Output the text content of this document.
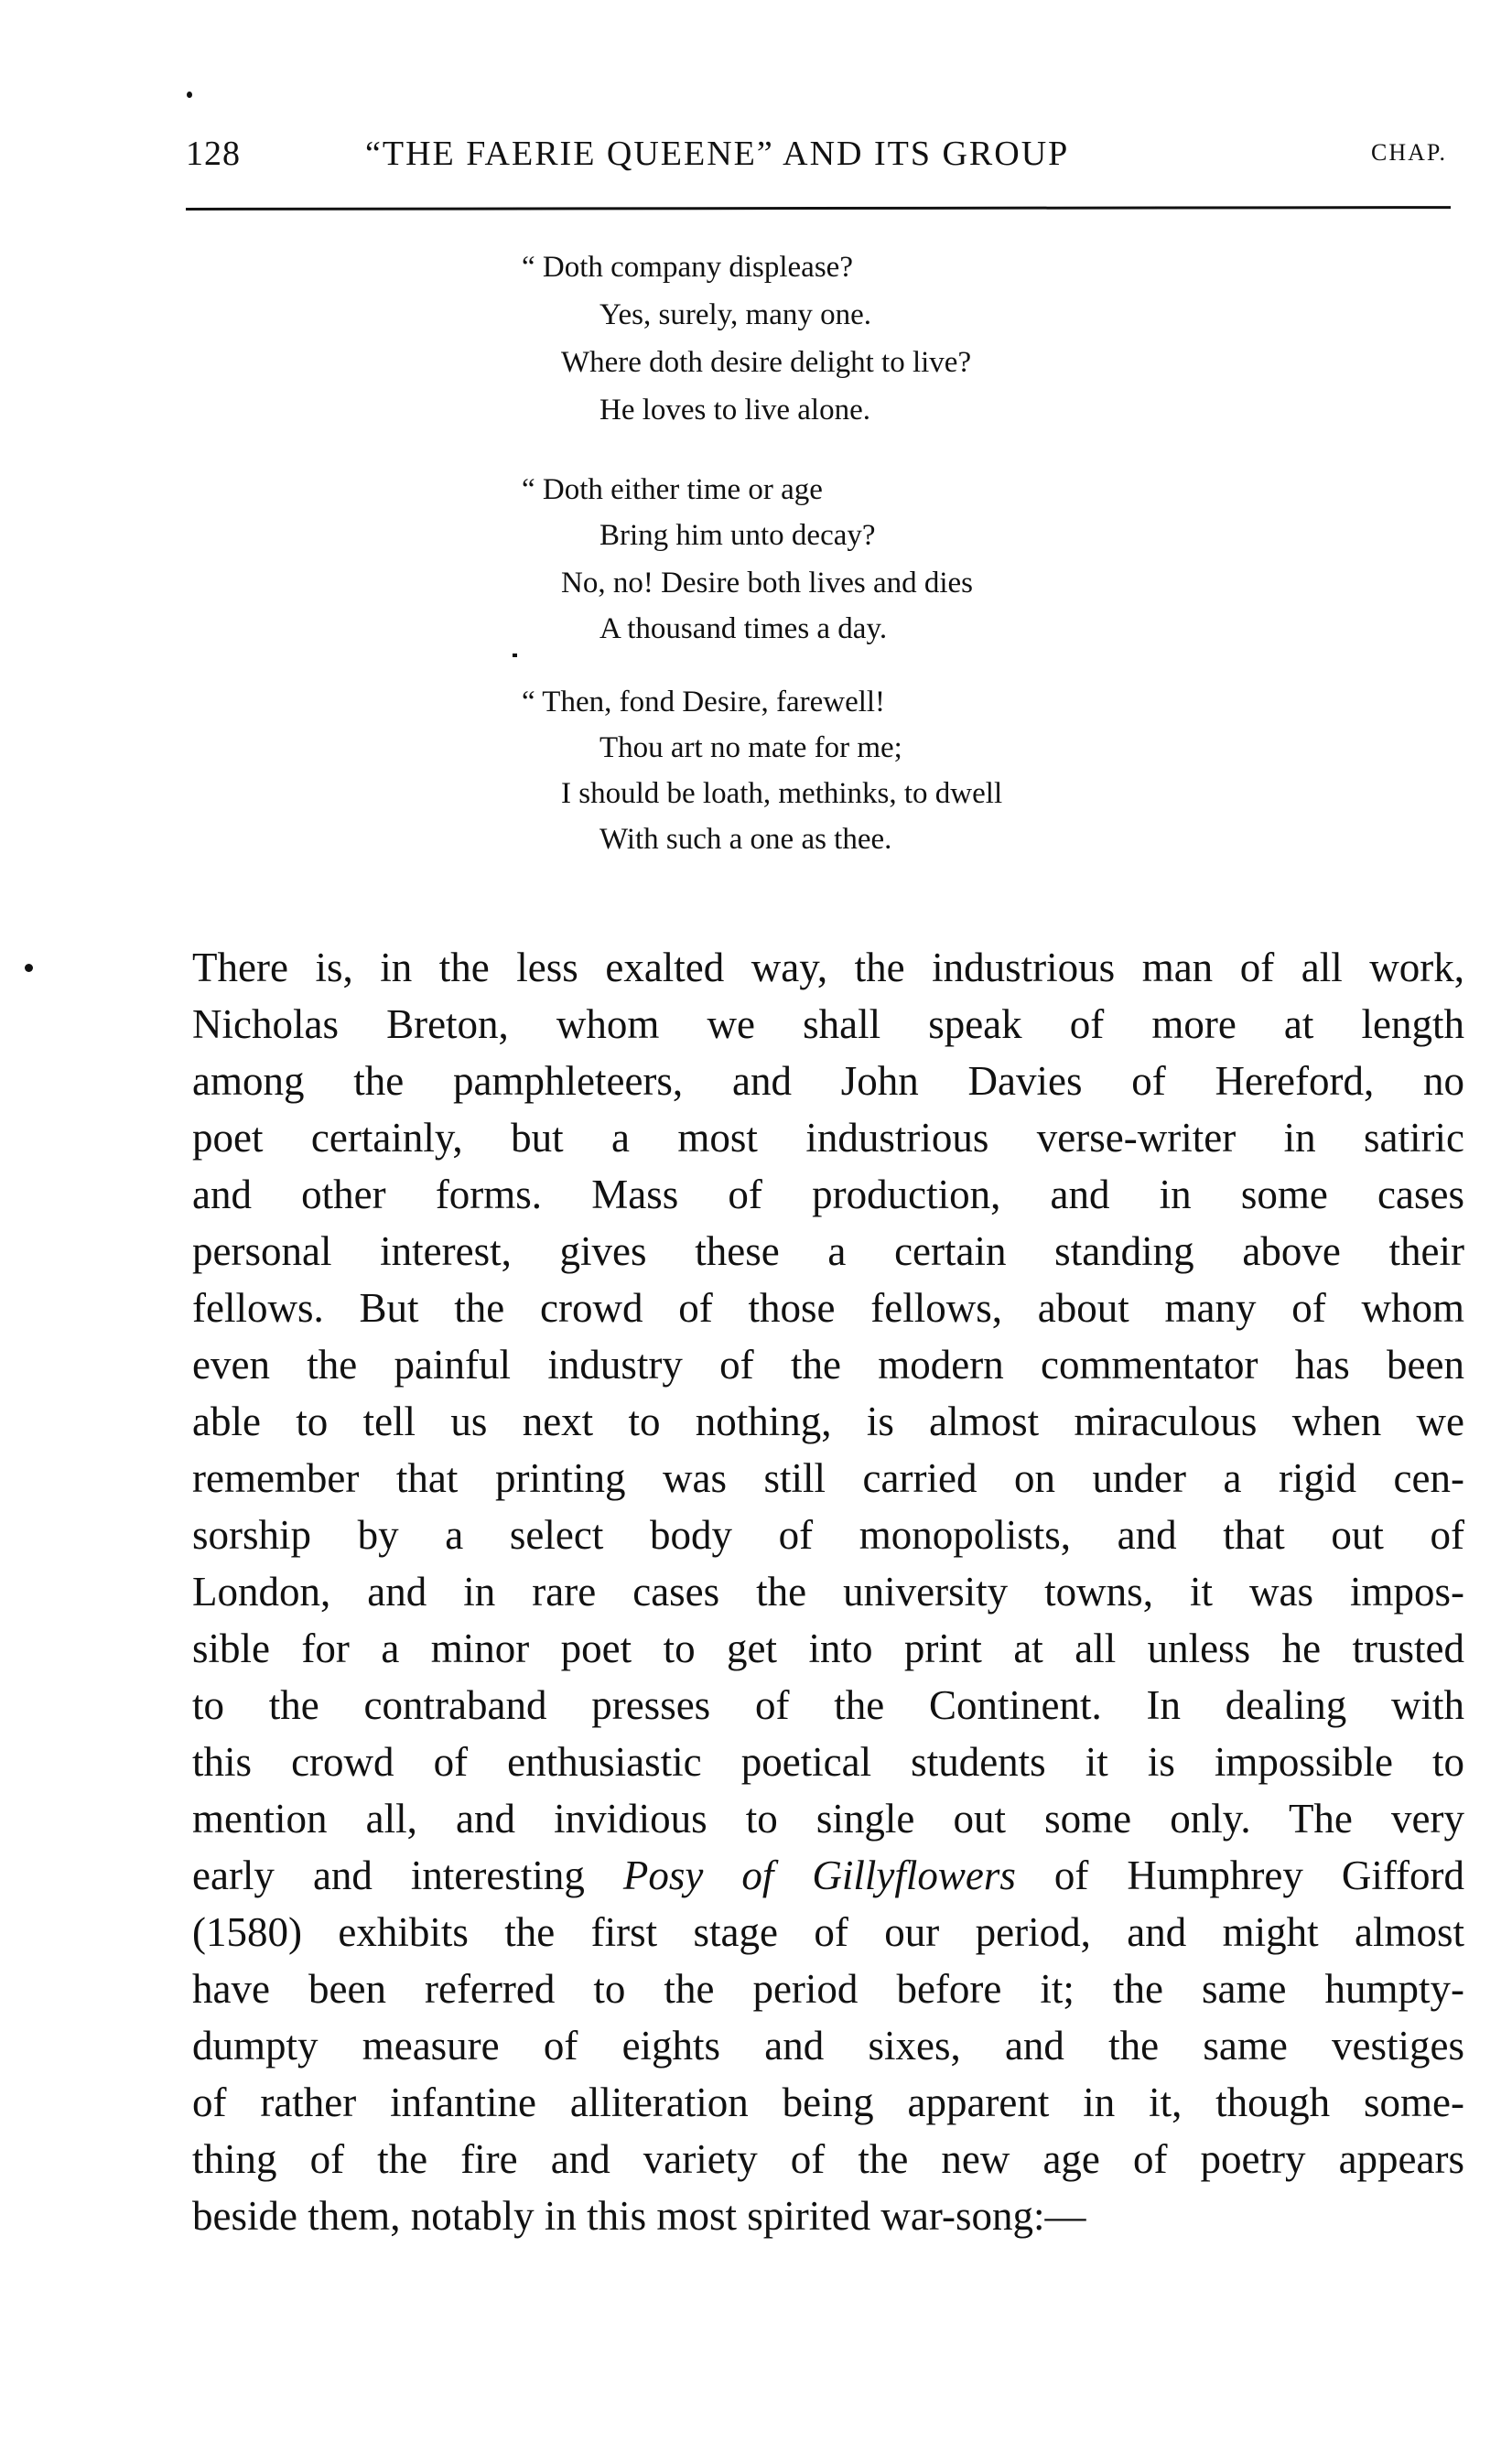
128	“THE FAERIE QUEENE” AND ITS GROUP	CHAP.
“ Doth company displease?
Yes, surely, many one.
Where doth desire delight to live?
He loves to live alone.
“ Doth either time or age
Bring him unto decay?
No, no! Desire both lives and dies
A thousand times a day.
“ Then, fond Desire, farewell!
Thou art no mate for me;
I should be loath, methinks, to dwell
With such a one as thee.
There is, in the less exalted way, the industrious man of all work,
Nicholas Breton, whom we shall speak of more at length
among the pamphleteers, and John Davies of Hereford, no
poet certainly, but a most industrious verse-writer in satiric
and other forms. Mass of production, and in some cases
personal interest, gives these a certain standing above their
fellows. But the crowd of those fellows, about many of whom
even the painful industry of the modern commentator has been
able to tell us next to nothing, is almost miraculous when we
remember that printing was still carried on under a rigid cen-
sorship by a select body of monopolists, and that out of
London, and in rare cases the university towns, it was impos-
sible for a minor poet to get into print at all unless he trusted
to the contraband presses of the Continent. In dealing with
this crowd of enthusiastic poetical students it is impossible to
mention all, and invidious to single out some only. The very
early and interesting Posy of Gillyflowers of Humphrey Gifford
(1580) exhibits the first stage of our period, and might almost
have been referred to the period before it; the same humpty-
dumpty measure of eights and sixes, and the same vestiges
of rather infantine alliteration being apparent in it, though some-
thing of the fire and variety of the new age of poetry appears
beside them, notably in this most spirited war-song:—
